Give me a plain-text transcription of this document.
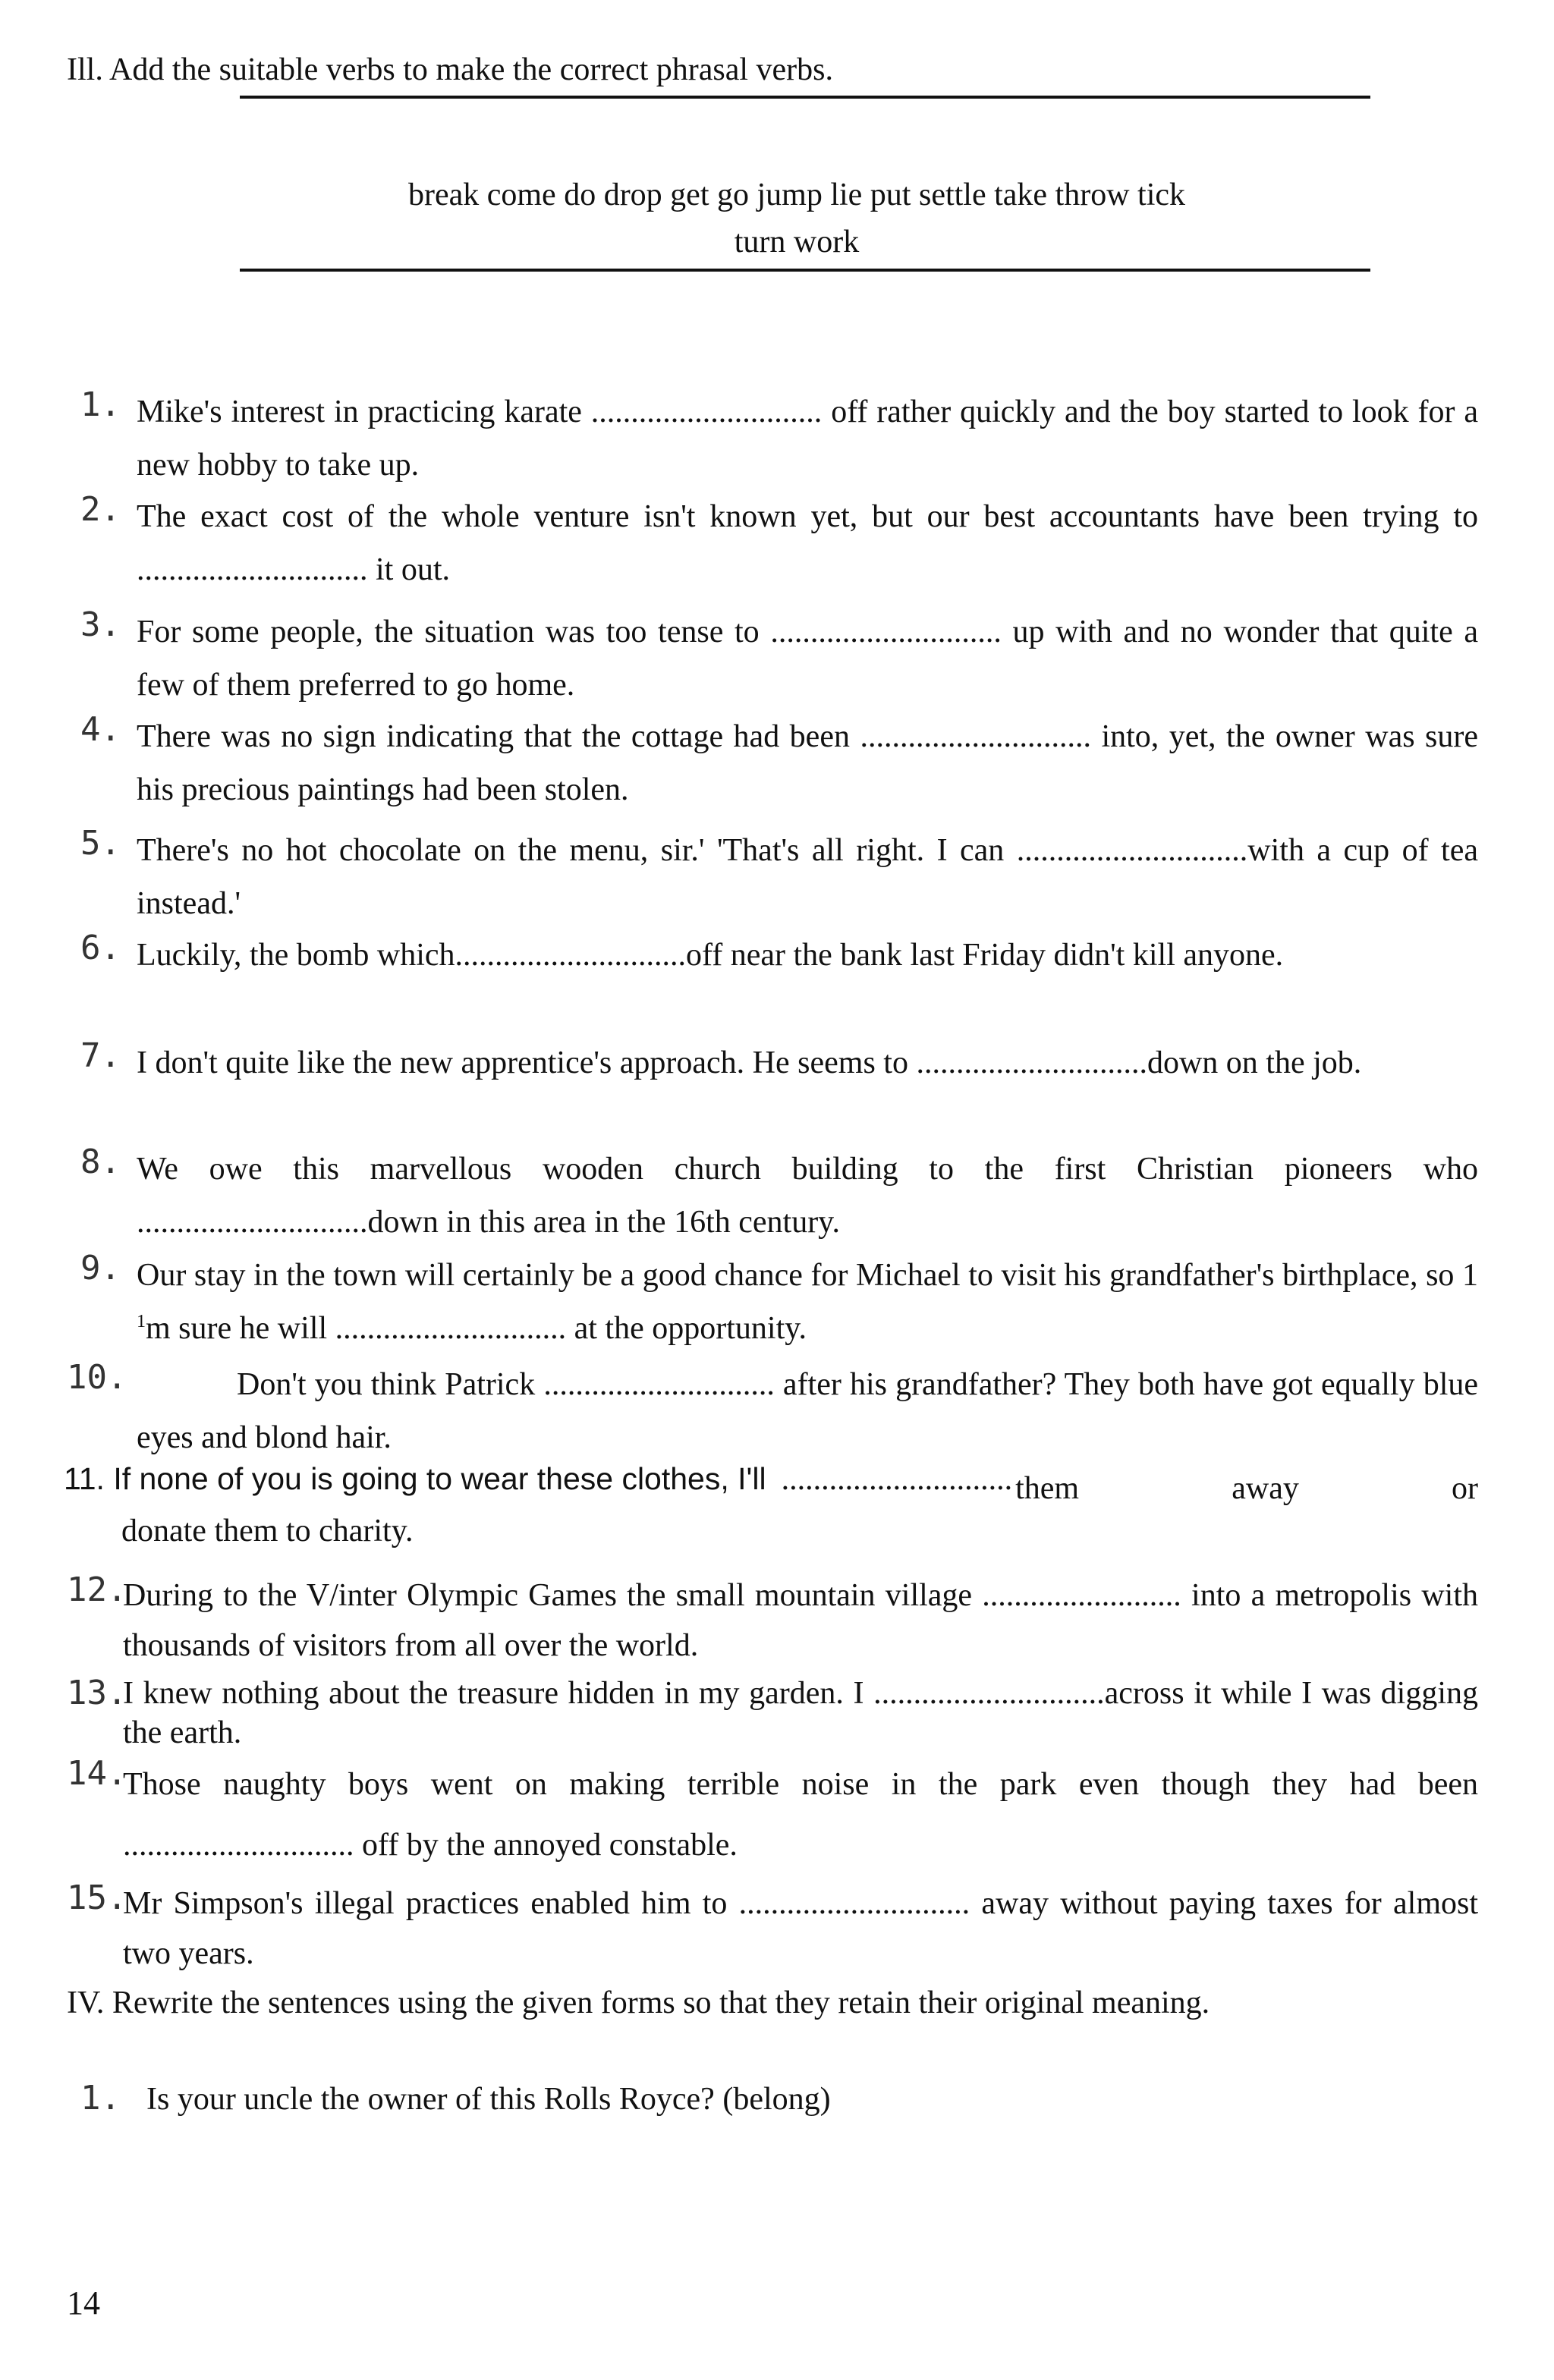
Ill. Add the suitable verbs to make the correct phrasal verbs.
break come do drop get go jump lie put settle take throw tick
turn work
1. Mike's interest in practicing karate ............................. off rather quickly and the boy started to look for a new hobby to take up.
2. The exact cost of the whole venture isn't known yet, but our best accountants have been trying to ............................. it out.
3. For some people, the situation was too tense to ............................. up with and no wonder that quite a few of them preferred to go home.
4. There was no sign indicating that the cottage had been ............................. into, yet, the owner was sure his precious paintings had been stolen.
5. There's no hot chocolate on the menu, sir.' 'That's all right. I can .............................with a cup of tea instead.'
6. Luckily, the bomb which.............................off near the bank last Friday didn't kill anyone.
7. I don't quite like the new apprentice's approach. He seems to .............................down on the job.
8. We owe this marvellous wooden church building to the first Christian pioneers who .............................down in this area in the 16th century.
9. Our stay in the town will certainly be a good chance for Michael to visit his grandfather's birthplace, so 1 $^1$m sure he will ............................. at the opportunity.
10.	Don't you think Patrick ............................. after his grandfather? They both have got equally blue eyes and blond hair.
11. If none of you is going to wear these clothes, I'll ............................. them	away	or
donate them to charity.
12.
During to the V/inter Olympic Games the small mountain village ......................... into a metropolis with thousands of visitors from all over the world.
13.
I knew nothing about the treasure hidden in my garden. I .............................across it while I was digging the earth.
14.
Those naughty boys went on making terrible noise in the park even though they had been ............................. off by the annoyed constable.
15.
Mr Simpson's illegal practices enabled him to ............................. away without paying taxes for almost two years.
IV. Rewrite the sentences using the given forms so that they retain their original meaning.
1. Is your uncle the owner of this Rolls Royce? (belong)
14
